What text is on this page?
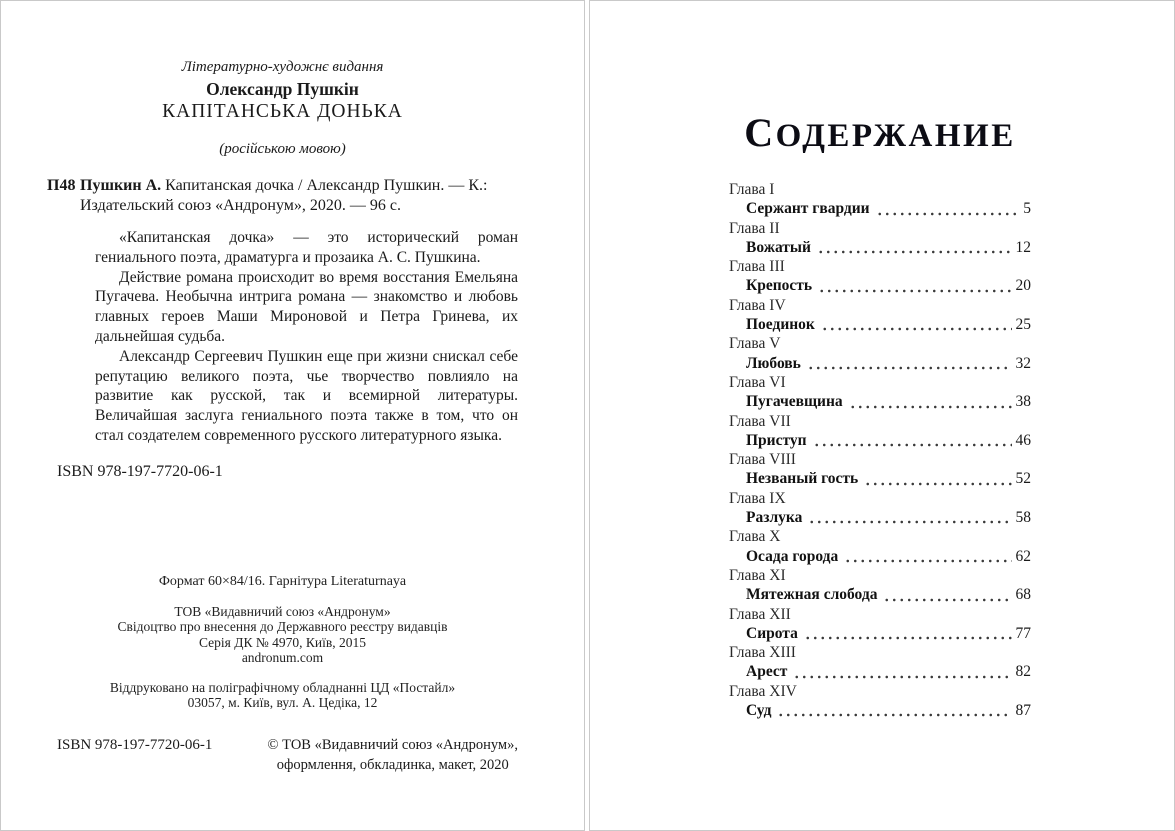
Літературно-художнє видання
Олександр Пушкін
КАПІТАНСЬКА ДОНЬКА
(російською мовою)
П48 Пушкин А. Капитанская дочка / Александр Пушкин. — К.: Издательский союз «Андронум», 2020. — 96 с.

«Капитанская дочка» — это исторический роман гениального поэта, драматурга и прозаика А. С. Пушкина.

Действие романа происходит во время восстания Емельяна Пугачева. Необычна интрига романа — знакомство и любовь главных героев Маши Мироновой и Петра Гринева, их дальнейшая судьба.

Александр Сергеевич Пушкин еще при жизни снискал себе репутацию великого поэта, чье творчество повлияло на развитие как русской, так и всемирной литературы. Величайшая заслуга гениального поэта также в том, что он стал создателем современного русского литературного языка.

ISBN 978-197-7720-06-1
Формат 60×84/16. Гарнітура Literaturnaya
ТОВ «Видавничий союз «Андронум»
Свідоцтво про внесення до Державного реєстру видавців
Серія ДК № 4970, Київ, 2015
andronum.com
Віддруковано на поліграфічному обладнанні ЦД «Постайл»
03057, м. Київ, вул. А. Цедіка, 12
ISBN 978-197-7720-06-1	© ТОВ «Видавничий союз «Андронум»,
оформлення, обкладинка, макет, 2020
СОДЕРЖАНИЕ
Глава I
Сержант гвардии	5
Глава II
Вожатый	12
Глава III
Крепость	20
Глава IV
Поединок	25
Глава V
Любовь	32
Глава VI
Пугачевщина	38
Глава VII
Приступ	46
Глава VIII
Незваный гость	52
Глава IX
Разлука	58
Глава X
Осада города	62
Глава XI
Мятежная слобода	68
Глава XII
Сирота	77
Глава XIII
Арест	82
Глава XIV
Суд	87
